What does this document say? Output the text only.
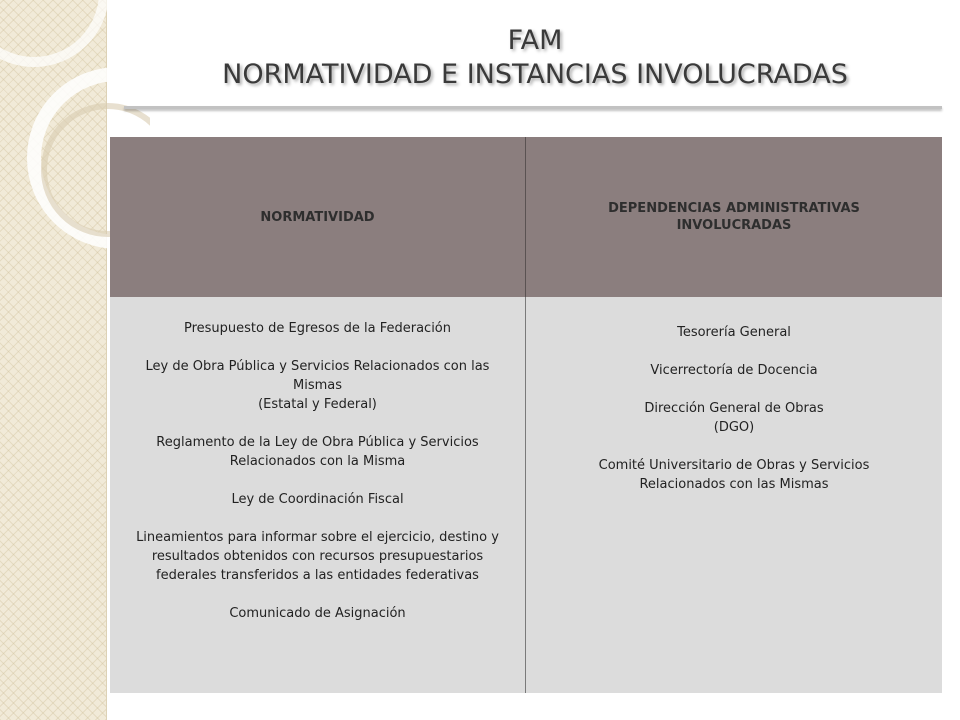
FAM
NORMATIVIDAD E INSTANCIAS INVOLUCRADAS
NORMATIVIDAD
DEPENDENCIAS ADMINISTRATIVAS INVOLUCRADAS
Presupuesto de Egresos de la Federación
Ley de Obra Pública y Servicios Relacionados con las
Mismas
(Estatal y Federal)
Reglamento de la Ley de Obra Pública y Servicios
Relacionados con la Misma
Ley de Coordinación Fiscal
Lineamientos para informar sobre el ejercicio, destino y
resultados obtenidos con recursos presupuestarios
federales transferidos a las entidades federativas
Comunicado de Asignación
Tesorería General
Vicerrectoría de Docencia
Dirección General de Obras
(DGO)
Comité Universitario de Obras y Servicios
Relacionados con las Mismas
